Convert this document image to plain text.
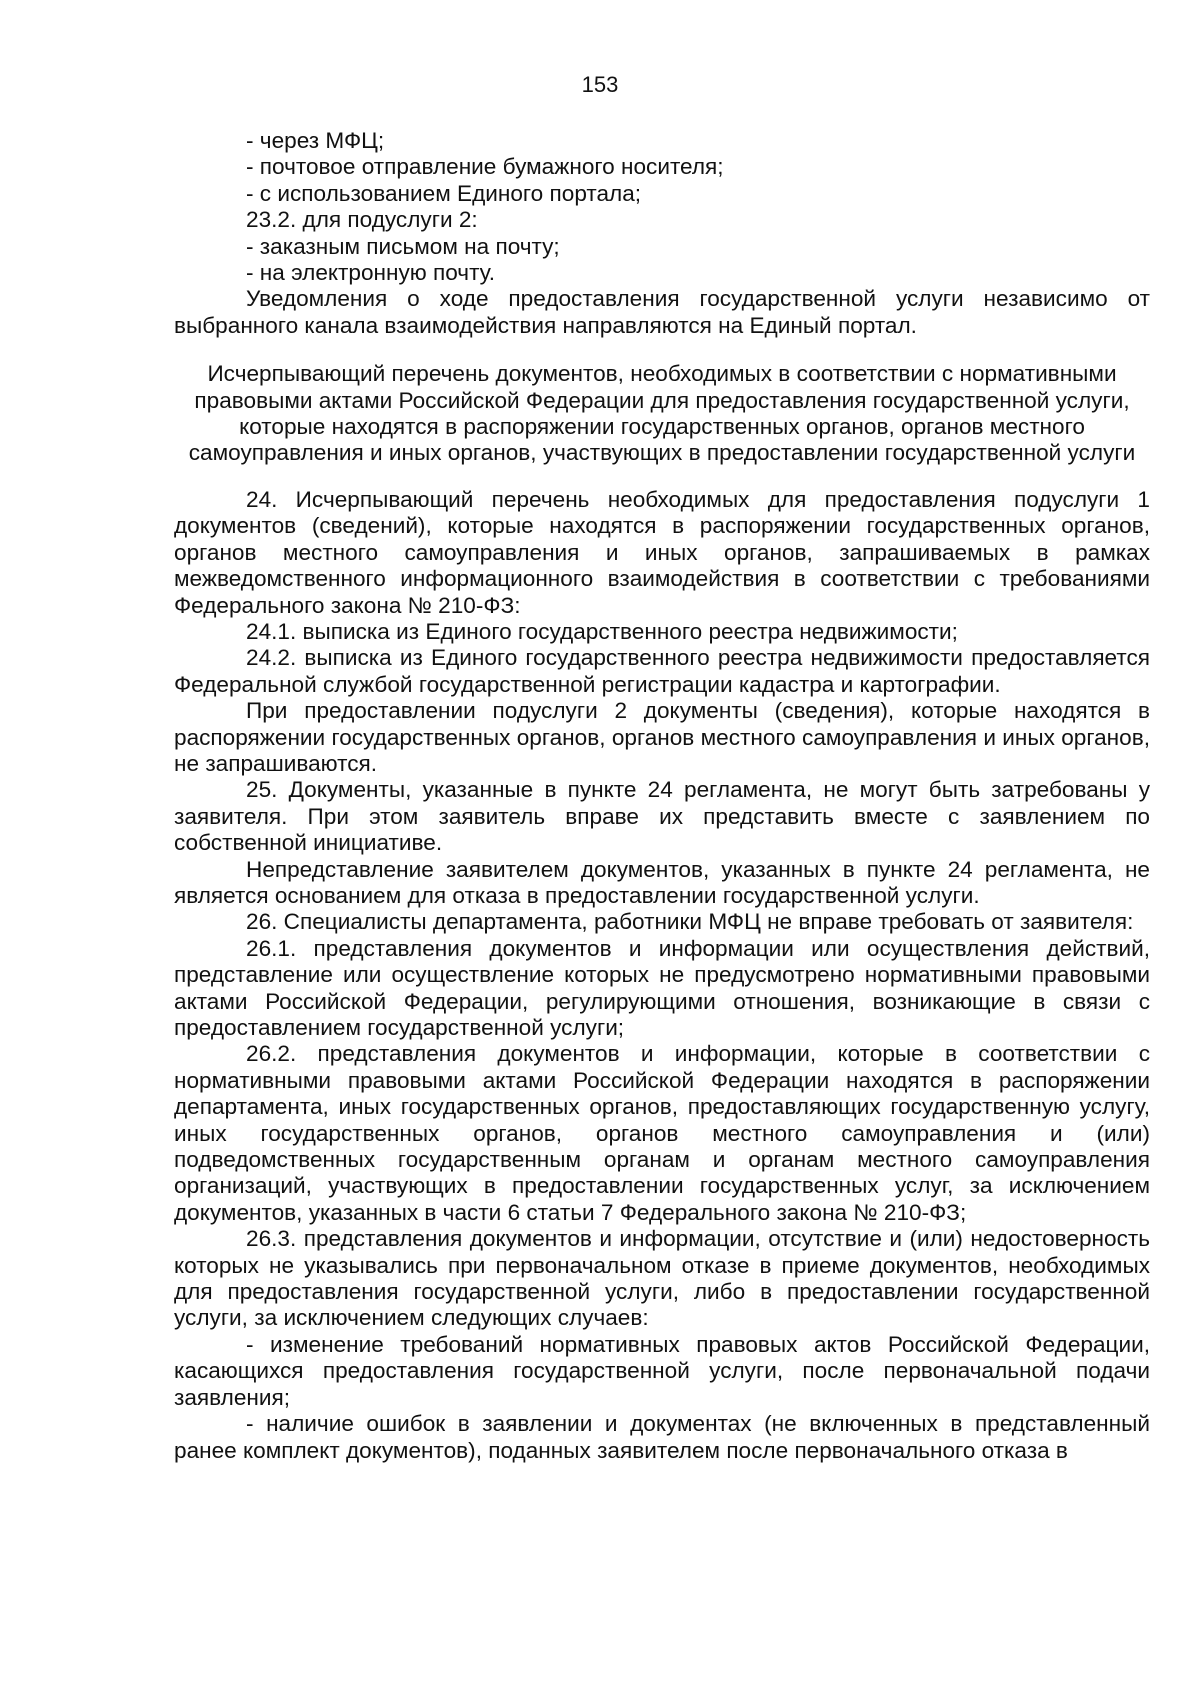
153

- через МФЦ;

- почтовое отправление бумажного носителя;

- с использованием Единого портала;

23.2. для подуслуги 2:

- заказным письмом на почту;

- на электронную почту.

Уведомления о ходе предоставления государственной услуги независимо от выбранного канала взаимодействия направляются на Единый портал.

Исчерпывающий перечень документов, необходимых в соответствии с нормативными правовыми актами Российской Федерации для предоставления государственной услуги, которые находятся в распоряжении государственных органов, органов местного самоуправления и иных органов, участвующих в предоставлении государственной услуги

24. Исчерпывающий перечень необходимых для предоставления подуслуги 1 документов (сведений), которые находятся в распоряжении государственных органов, органов местного самоуправления и иных органов, запрашиваемых в рамках межведомственного информационного взаимодействия в соответствии с требованиями Федерального закона № 210-ФЗ:

24.1. выписка из Единого государственного реестра недвижимости;

24.2. выписка из Единого государственного реестра недвижимости предоставляется Федеральной службой государственной регистрации кадастра и картографии.

При предоставлении подуслуги 2 документы (сведения), которые находятся в распоряжении государственных органов, органов местного самоуправления и иных органов, не запрашиваются.

25. Документы, указанные в пункте 24 регламента, не могут быть затребованы у заявителя. При этом заявитель вправе их представить вместе с заявлением по собственной инициативе.

Непредставление заявителем документов, указанных в пункте 24 регламента, не является основанием для отказа в предоставлении государственной услуги.

26. Специалисты департамента, работники МФЦ не вправе требовать от заявителя:

26.1. представления документов и информации или осуществления действий, представление или осуществление которых не предусмотрено нормативными правовыми актами Российской Федерации, регулирующими отношения, возникающие в связи с предоставлением государственной услуги;

26.2. представления документов и информации, которые в соответствии с нормативными правовыми актами Российской Федерации находятся в распоряжении департамента, иных государственных органов, предоставляющих государственную услугу, иных государственных органов, органов местного самоуправления и (или) подведомственных государственным органам и органам местного самоуправления организаций, участвующих в предоставлении государственных услуг, за исключением документов, указанных в части 6 статьи 7 Федерального закона № 210-ФЗ;

26.3. представления документов и информации, отсутствие и (или) недостоверность которых не указывались при первоначальном отказе в приеме документов, необходимых для предоставления государственной услуги, либо в предоставлении государственной услуги, за исключением следующих случаев:

- изменение требований нормативных правовых актов Российской Федерации, касающихся предоставления государственной услуги, после первоначальной подачи заявления;

- наличие ошибок в заявлении и документах (не включенных в представленный ранее комплект документов), поданных заявителем после первоначального отказа в
